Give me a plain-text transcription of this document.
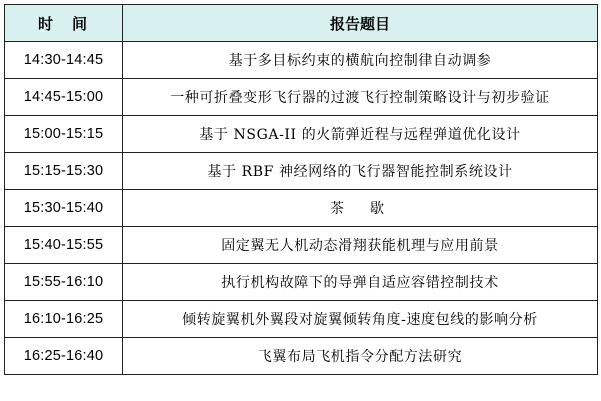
时　间	报告题目
14:30-14:45	基于多目标约束的横航向控制律自动调参
14:45-15:00	一种可折叠变形飞行器的过渡飞行控制策略设计与初步验证
15:00-15:15	基于 NSGA-II 的火箭弹近程与远程弹道优化设计
15:15-15:30	基于 RBF 神经网络的飞行器智能控制系统设计
15:30-15:40	茶　歇
15:40-15:55	固定翼无人机动态滑翔获能机理与应用前景
15:55-16:10	执行机构故障下的导弹自适应容错控制技术
16:10-16:25	倾转旋翼机外翼段对旋翼倾转角度-速度包线的影响分析
16:25-16:40	飞翼布局飞机指令分配方法研究
